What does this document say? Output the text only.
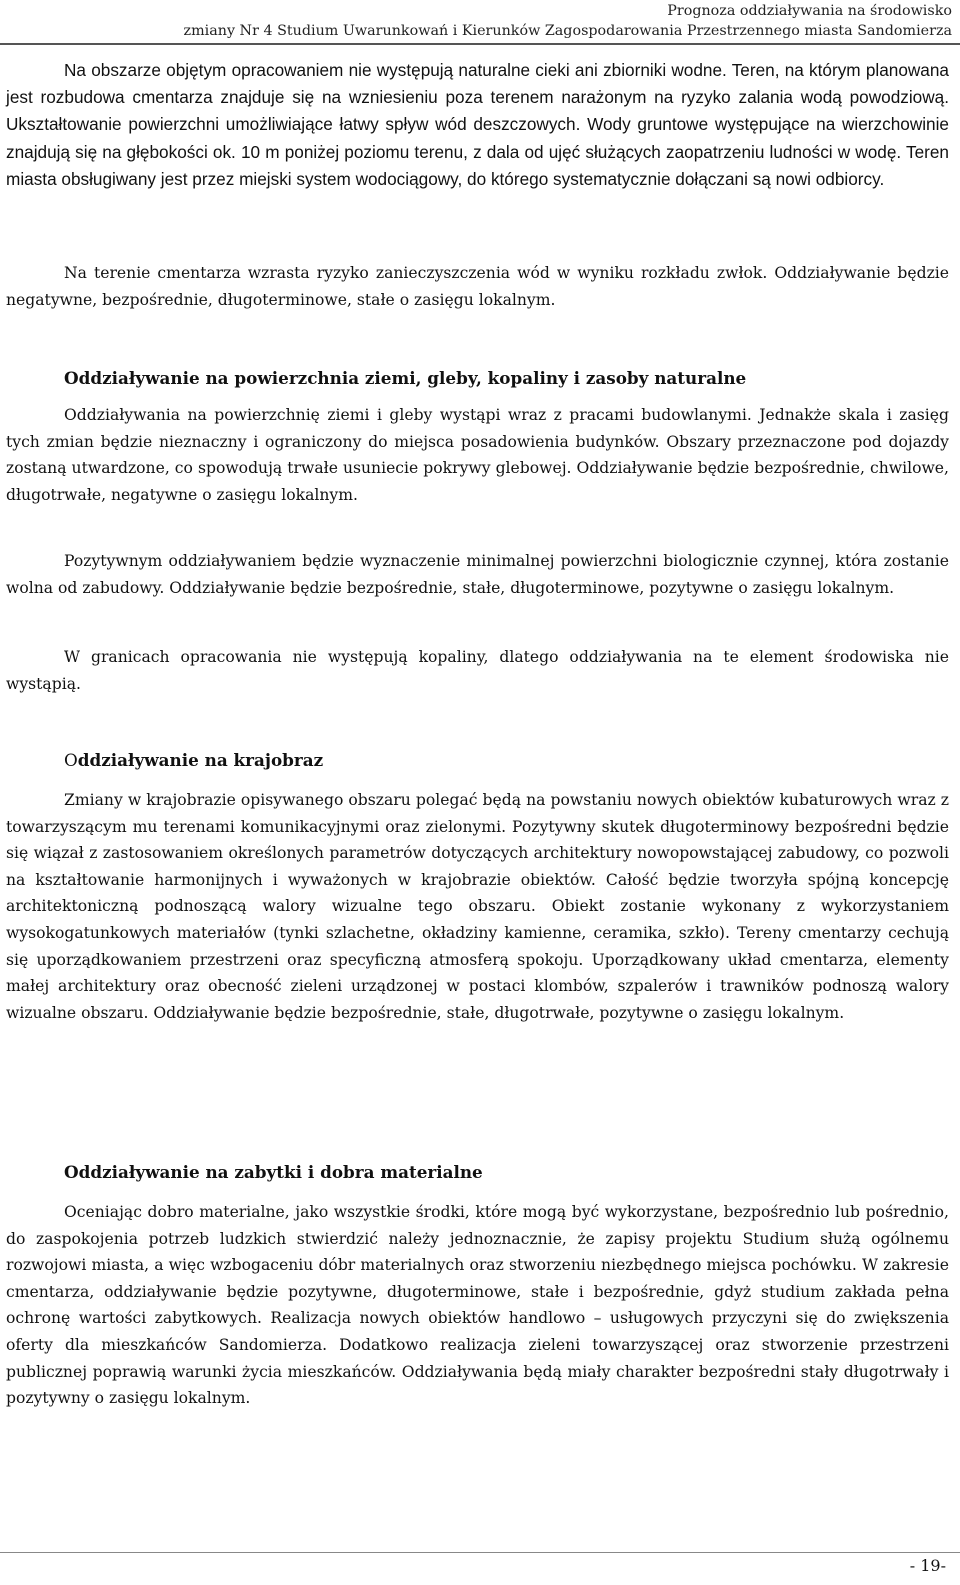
Prognoza oddziaływania na środowisko
zmiany Nr 4 Studium Uwarunkowań i Kierunków Zagospodarowania Przestrzennego miasta Sandomierza

Na obszarze objętym opracowaniem nie występują naturalne cieki ani zbiorniki wodne. Teren, na którym planowana jest rozbudowa cmentarza znajduje się na wzniesieniu poza terenem narażonym na ryzyko zalania wodą powodziową. Ukształtowanie powierzchni umożliwiające łatwy spływ wód deszczowych. Wody gruntowe występujące na wierzchowinie znajdują się na głębokości ok. 10 m poniżej poziomu terenu, z dala od ujęć służących zaopatrzeniu ludności w wodę. Teren miasta obsługiwany jest przez miejski system wodociągowy, do którego systematycznie dołączani są nowi odbiorcy.

Na terenie cmentarza wzrasta ryzyko zanieczyszczenia wód w wyniku rozkładu zwłok. Oddziaływanie będzie negatywne, bezpośrednie, długoterminowe, stałe o zasięgu lokalnym.

Oddziaływanie na powierzchnia ziemi, gleby, kopaliny i zasoby naturalne

Oddziaływania na powierzchnię ziemi i gleby wystąpi wraz z pracami budowlanymi. Jednakże skala i zasięg tych zmian będzie nieznaczny i ograniczony do miejsca posadowienia budynków. Obszary przeznaczone pod dojazdy zostaną utwardzone, co spowodują trwałe usuniecie pokrywy glebowej. Oddziaływanie będzie bezpośrednie, chwilowe, długotrwałe, negatywne o zasięgu lokalnym.

Pozytywnym oddziaływaniem będzie wyznaczenie minimalnej powierzchni biologicznie czynnej, która zostanie wolna od zabudowy. Oddziaływanie będzie bezpośrednie, stałe, długoterminowe, pozytywne o zasięgu lokalnym.

W granicach opracowania nie występują kopaliny, dlatego oddziaływania na te element środowiska nie wystąpią.

Oddziaływanie na krajobraz

Zmiany w krajobrazie opisywanego obszaru polegać będą na powstaniu nowych obiektów kubaturowych wraz z towarzyszącym mu terenami komunikacyjnymi oraz zielonymi. Pozytywny skutek długoterminowy bezpośredni będzie się wiązał z zastosowaniem określonych parametrów dotyczących architektury nowopowstającej zabudowy, co pozwoli na kształtowanie harmonijnych i wyważonych w krajobrazie obiektów. Całość będzie tworzyła spójną koncepcję architektoniczną podnoszącą walory wizualne tego obszaru. Obiekt zostanie wykonany z wykorzystaniem wysokogatunkowych materiałów (tynki szlachetne, okładziny kamienne, ceramika, szkło). Tereny cmentarzy cechują się uporządkowaniem przestrzeni oraz specyficzną atmosferą spokoju. Uporządkowany układ cmentarza, elementy małej architektury oraz obecność zieleni urządzonej w postaci klombów, szpalerów i trawników podnoszą walory wizualne obszaru. Oddziaływanie będzie bezpośrednie, stałe, długotrwałe, pozytywne o zasięgu lokalnym.

Oddziaływanie na zabytki i dobra materialne

Oceniając dobro materialne, jako wszystkie środki, które mogą być wykorzystane, bezpośrednio lub pośrednio, do zaspokojenia potrzeb ludzkich stwierdzić należy jednoznacznie, że zapisy projektu Studium służą ogólnemu rozwojowi miasta, a więc wzbogaceniu dóbr materialnych oraz stworzeniu niezbędnego miejsca pochówku. W zakresie cmentarza, oddziaływanie będzie pozytywne, długoterminowe, stałe i bezpośrednie, gdyż studium zakłada pełna ochronę wartości zabytkowych. Realizacja nowych obiektów handlowo – usługowych przyczyni się do zwiększenia oferty dla mieszkańców Sandomierza. Dodatkowo realizacja zieleni towarzyszącej oraz stworzenie przestrzeni publicznej poprawią warunki życia mieszkańców. Oddziaływania będą miały charakter bezpośredni stały długotrwały i pozytywny o zasięgu lokalnym.

- 19-
